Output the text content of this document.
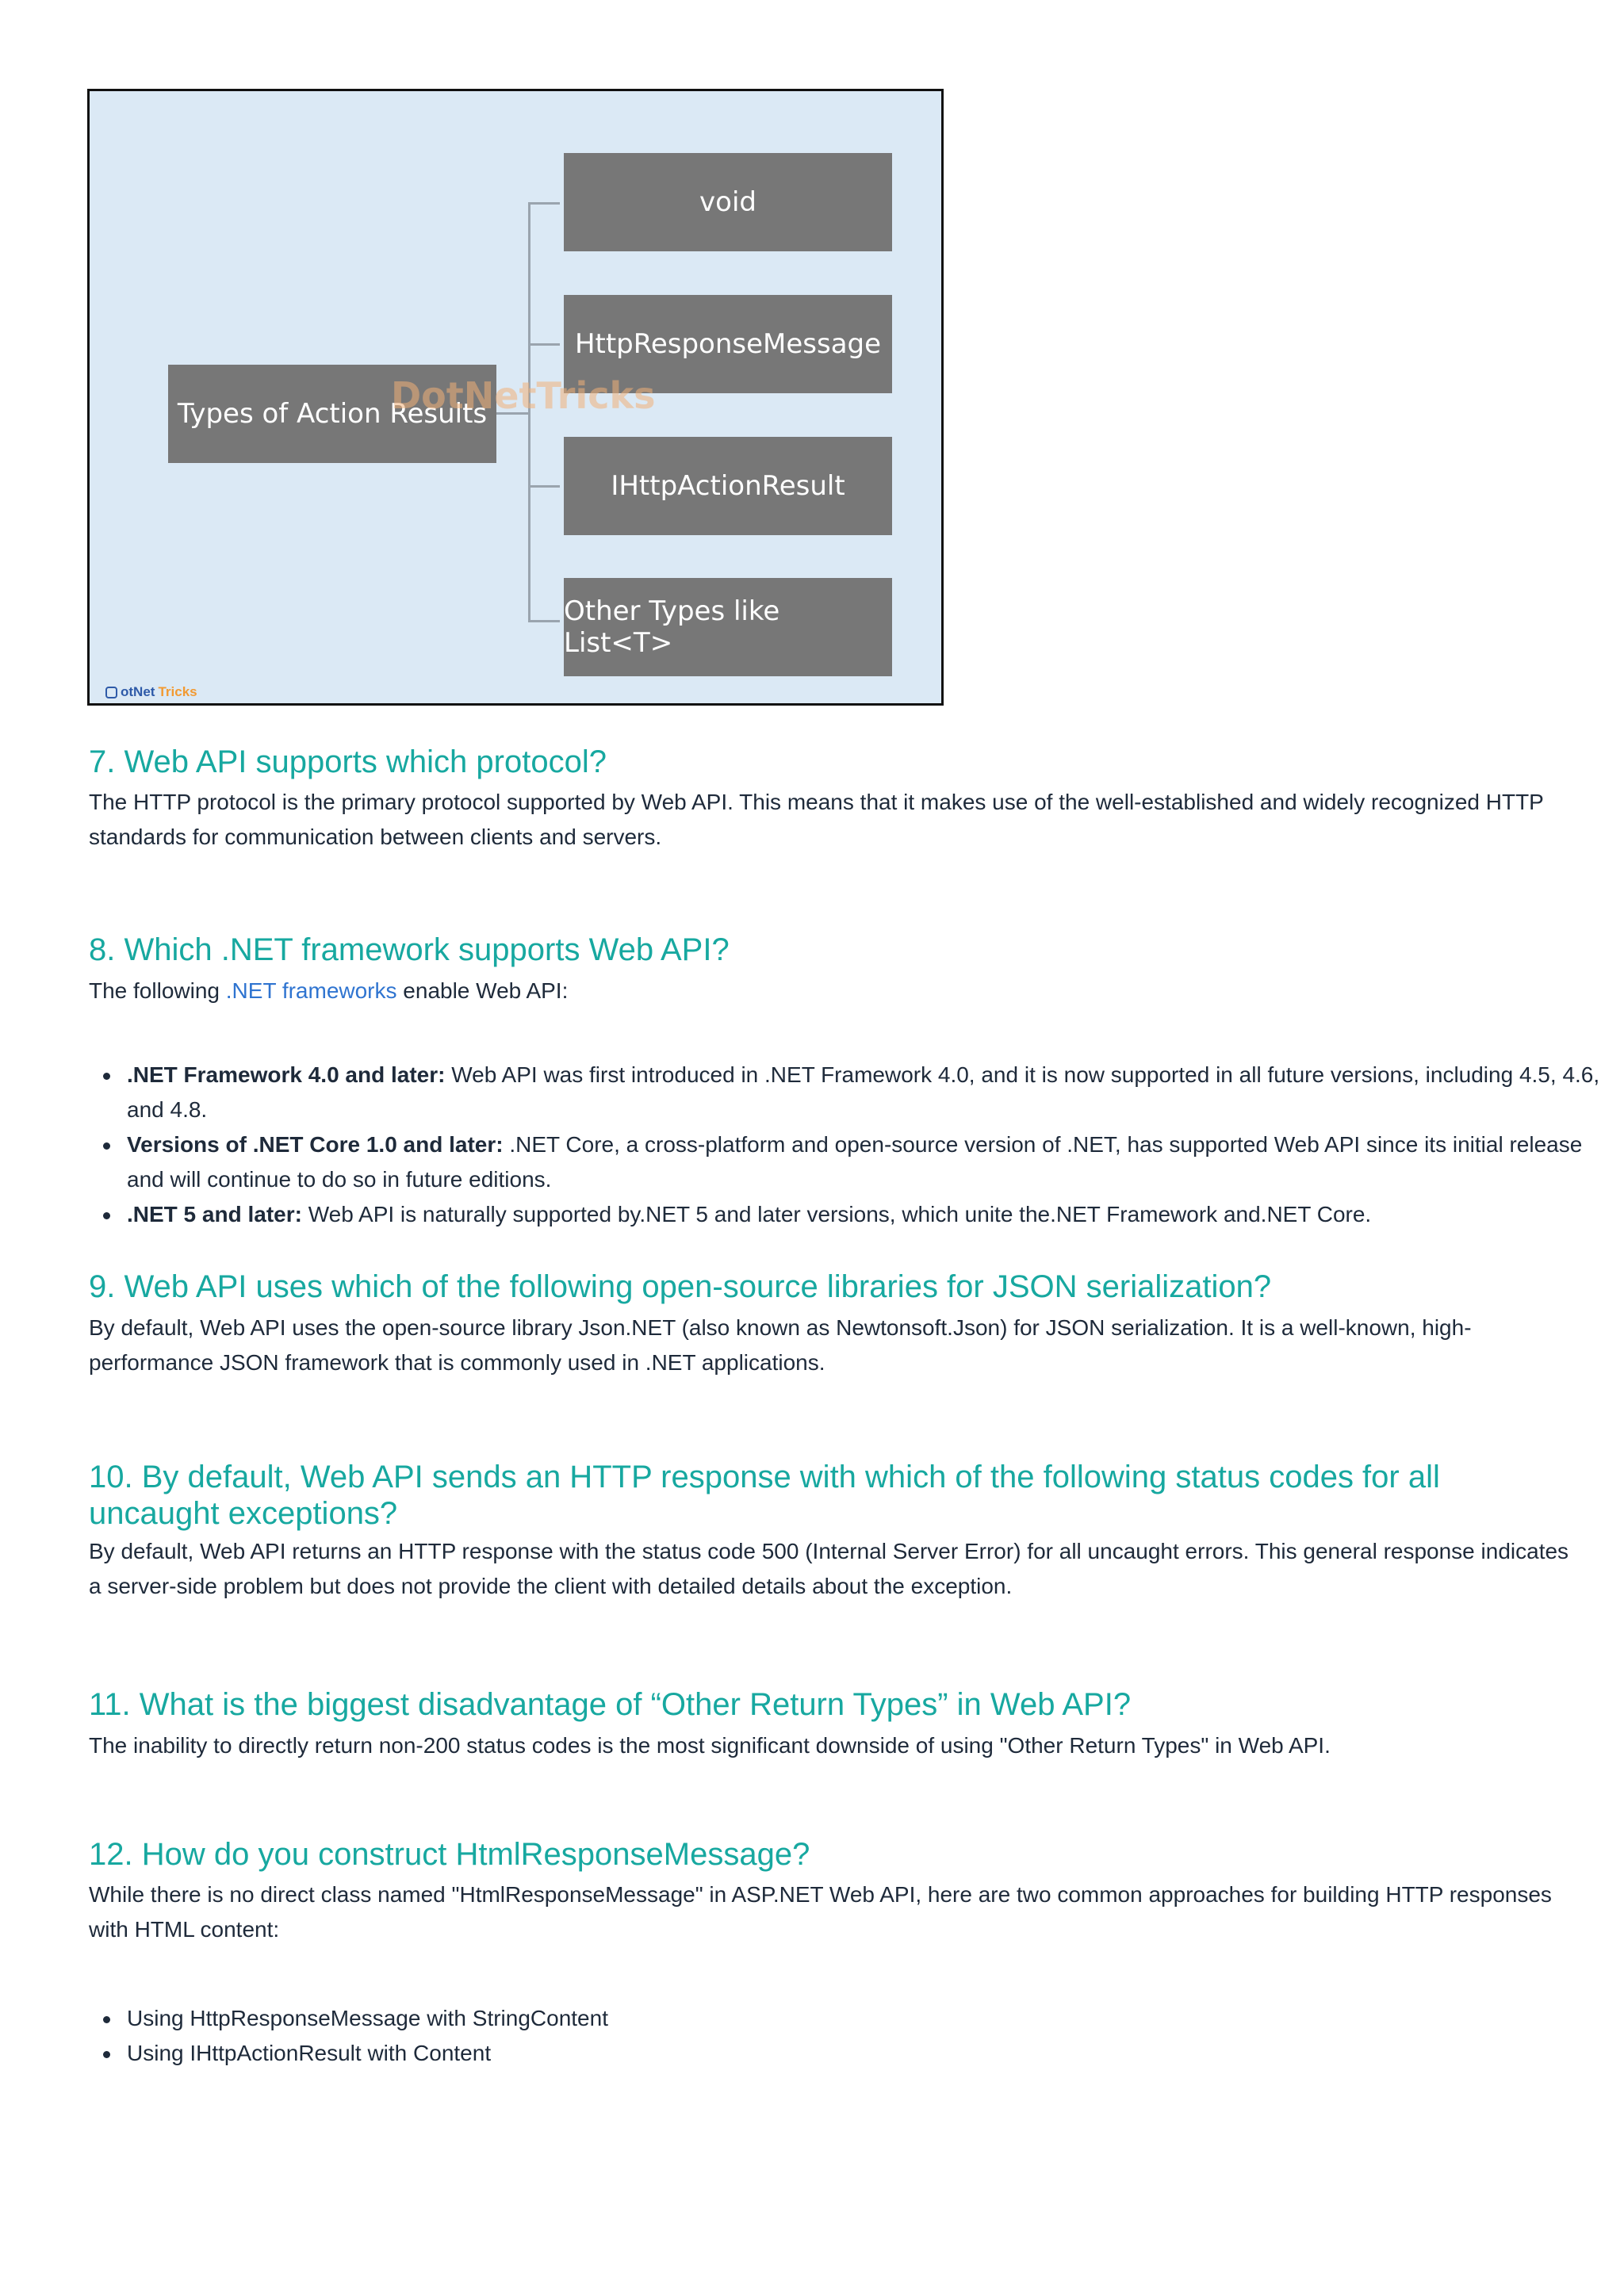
Types of Action Results
void
HttpResponseMessage
IHttpActionResult
Other Types like List<T>
DotNetTricks
otNet Tricks
7. Web API supports which protocol?

The HTTP protocol is the primary protocol supported by Web API. This means that it makes use of the well-established and widely recognized HTTP standards for communication between clients and servers.

8. Which .NET framework supports Web API?

The following .NET frameworks enable Web API:

.NET Framework 4.0 and later: Web API was first introduced in .NET Framework 4.0, and it is now supported in all future versions, including 4.5, 4.6, and 4.8.
Versions of .NET Core 1.0 and later: .NET Core, a cross-platform and open-source version of .NET, has supported Web API since its initial release and will continue to do so in future editions.
.NET 5 and later: Web API is naturally supported by.NET 5 and later versions, which unite the.NET Framework and.NET Core.
9. Web API uses which of the following open-source libraries for JSON serialization?

By default, Web API uses the open-source library Json.NET (also known as Newtonsoft.Json) for JSON serialization. It is a well-known, high-performance JSON framework that is commonly used in .NET applications.

10. By default, Web API sends an HTTP response with which of the following status codes for all uncaught exceptions?

By default, Web API returns an HTTP response with the status code 500 (Internal Server Error) for all uncaught errors. This general response indicates a server-side problem but does not provide the client with detailed details about the exception.

11. What is the biggest disadvantage of “Other Return Types” in Web API?

The inability to directly return non-200 status codes is the most significant downside of using "Other Return Types" in Web API.

12. How do you construct HtmlResponseMessage?

While there is no direct class named "HtmlResponseMessage" in ASP.NET Web API, here are two common approaches for building HTTP responses with HTML content:

Using HttpResponseMessage with StringContent
Using IHttpActionResult with Content
